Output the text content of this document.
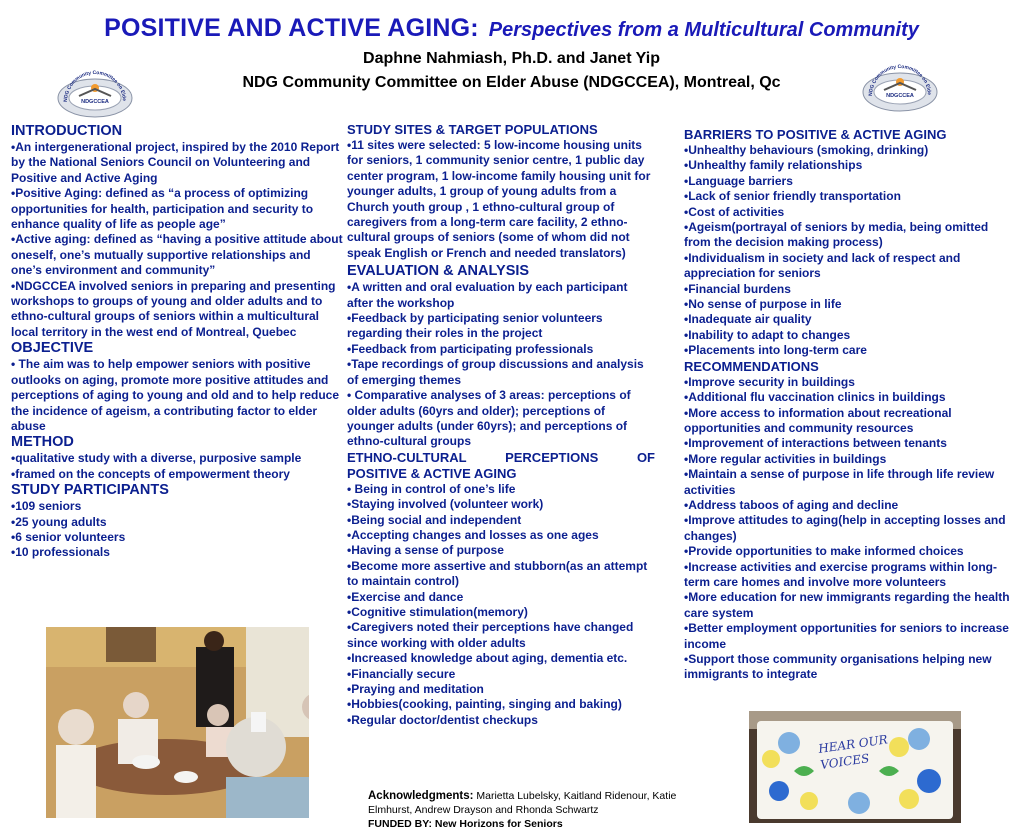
POSITIVE AND ACTIVE AGING: Perspectives from a Multicultural Community
Daphne Nahmiash, Ph.D. and Janet Yip
NDG Community Committee on Elder Abuse (NDGCCEA), Montreal, Qc
NDG Community Committee on Elde
NDGCCEA
NDG Community Committee on Elde
NDGCCEA
INTRODUCTION

•An intergenerational project, inspired by the 2010 Report by the National Seniors Council on Volunteering and Positive and Active Aging

•Positive Aging: defined as “a process of optimizing opportunities for health, participation and security to enhance quality of life as people age”

•Active aging: defined as “having a positive attitude about oneself, one’s mutually supportive relationships and one’s environment and community”

•NDGCCEA involved seniors in preparing and presenting workshops to groups of young and older adults and to ethno-cultural groups of seniors within a multicultural local territory in the west end of Montreal, Quebec

OBJECTIVE

• The aim was to help empower seniors with positive outlooks on aging, promote more positive attitudes and perceptions of aging to young and old and to help reduce the incidence of ageism, a contributing factor to elder abuse

METHOD

•qualitative study with a diverse, purposive sample

•framed on the concepts of empowerment theory

STUDY PARTICIPANTS

•109 seniors

•25 young adults

•6 senior volunteers

•10 professionals

STUDY SITES & TARGET POPULATIONS

•11 sites were selected: 5 low-income housing units for seniors, 1 community senior centre, 1 public day center program, 1 low-income family housing unit for younger adults, 1 group of young adults from a Church youth group , 1 ethno-cultural group of caregivers from a long-term care facility, 2 ethno-cultural groups of seniors (some of whom did not speak English or French and needed translators)

EVALUATION & ANALYSIS

•A written and oral evaluation by each participant after the workshop

•Feedback by participating senior volunteers regarding their roles in the project

•Feedback from participating professionals

•Tape recordings of group discussions and analysis of emerging themes

• Comparative analyses of 3 areas: perceptions of older adults (60yrs and older); perceptions of younger adults (under 60yrs); and perceptions of ethno-cultural groups

ETHNO-CULTURAL PERCEPTIONS OF
POSITIVE & ACTIVE AGING

• Being in control of one’s life

•Staying involved (volunteer work)

•Being social and independent

•Accepting changes and losses as one ages

•Having a sense of purpose

•Become more assertive and stubborn(as an attempt to maintain control)

•Exercise and dance

•Cognitive stimulation(memory)

•Caregivers noted their perceptions have changed since working with older adults

•Increased knowledge about aging, dementia etc.

•Financially secure

•Praying and meditation

•Hobbies(cooking, painting, singing and baking)

•Regular doctor/dentist checkups

BARRIERS TO POSITIVE & ACTIVE AGING

•Unhealthy behaviours (smoking, drinking)

•Unhealthy family relationships

•Language barriers

•Lack of senior friendly transportation

•Cost of activities

•Ageism(portrayal of seniors by media, being omitted from the decision making process)

•Individualism in society and lack of respect and appreciation for seniors

•Financial burdens

•No sense of purpose in life

•Inadequate air quality

•Inability to adapt to changes

•Placements into long-term care

RECOMMENDATIONS

•Improve security in buildings

•Additional flu vaccination clinics in buildings

•More access to information about recreational opportunities and community resources

•Improvement of interactions between tenants

•More regular activities in buildings

•Maintain a sense of purpose in life through life review activities

•Address taboos of aging and decline

•Improve attitudes to aging(help in accepting losses and changes)

•Provide opportunities to make informed choices

•Increase activities and exercise programs within long-term care homes and involve more volunteers

•More education for new immigrants regarding the health care system

•Better employment opportunities for seniors to increase income

•Support those community organisations helping new immigrants to integrate

HEAR OUR
VOICES
Acknowledgments: Marietta Lubelsky, Kaitland Ridenour, Katie Elmhurst, Andrew Drayson and Rhonda Schwartz
FUNDED BY: New Horizons for Seniors
